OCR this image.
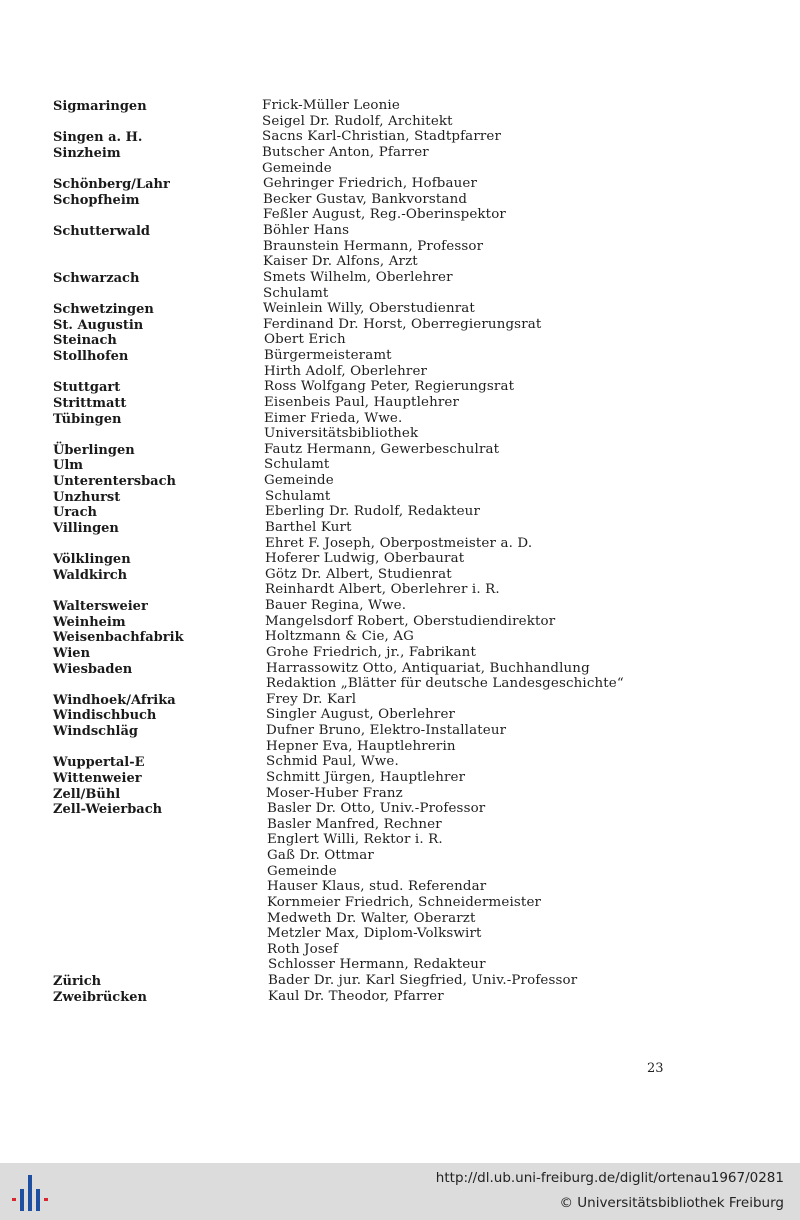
Sigmaringen	Frick-Müller Leonie
Seigel Dr. Rudolf, Architekt
Singen a. H.	Sacns Karl-Christian, Stadtpfarrer
Sinzheim	Butscher Anton, Pfarrer
Gemeinde
Schönberg/Lahr	Gehringer Friedrich, Hofbauer
Schopfheim	Becker Gustav, Bankvorstand
Feßler August, Reg.-Oberinspektor
Schutterwald	Böhler Hans
Braunstein Hermann, Professor
Kaiser Dr. Alfons, Arzt
Schwarzach	Smets Wilhelm, Oberlehrer
Schulamt
Schwetzingen	Weinlein Willy, Oberstudienrat
St. Augustin	Ferdinand Dr. Horst, Oberregierungsrat
Steinach	Obert Erich
Stollhofen	Bürgermeisteramt
Hirth Adolf, Oberlehrer
Stuttgart	Ross Wolfgang Peter, Regierungsrat
Strittmatt	Eisenbeis Paul, Hauptlehrer
Tübingen	Eimer Frieda, Wwe.
Universitätsbibliothek
Überlingen	Fautz Hermann, Gewerbeschulrat
Ulm	Schulamt
Unterentersbach	Gemeinde
Unzhurst	Schulamt
Urach	Eberling Dr. Rudolf, Redakteur
Villingen	Barthel Kurt
Ehret F. Joseph, Oberpostmeister a. D.
Völklingen	Hoferer Ludwig, Oberbaurat
Waldkirch	Götz Dr. Albert, Studienrat
Reinhardt Albert, Oberlehrer i. R.
Waltersweier	Bauer Regina, Wwe.
Weinheim	Mangelsdorf Robert, Oberstudiendirektor
Weisenbachfabrik	Holtzmann & Cie, AG
Wien	Grohe Friedrich, jr., Fabrikant
Wiesbaden	Harrassowitz Otto, Antiquariat, Buchhandlung
Redaktion „Blätter für deutsche Landesgeschichte“
Windhoek/Afrika	Frey Dr. Karl
Windischbuch	Singler August, Oberlehrer
Windschläg	Dufner Bruno, Elektro-Installateur
Hepner Eva, Hauptlehrerin
Wuppertal-E	Schmid Paul, Wwe.
Wittenweier	Schmitt Jürgen, Hauptlehrer
Zell/Bühl	Moser-Huber Franz
Zell-Weierbach	Basler Dr. Otto, Univ.-Professor
Basler Manfred, Rechner
Englert Willi, Rektor i. R.
Gaß Dr. Ottmar
Gemeinde
Hauser Klaus, stud. Referendar
Kornmeier Friedrich, Schneidermeister
Medweth Dr. Walter, Oberarzt
Metzler Max, Diplom-Volkswirt
Roth Josef
Schlosser Hermann, Redakteur
Zürich	Bader Dr. jur. Karl Siegfried, Univ.-Professor
Zweibrücken	Kaul Dr. Theodor, Pfarrer
23
http://dl.ub.uni-freiburg.de/diglit/ortenau1967/0281
© Universitätsbibliothek Freiburg
